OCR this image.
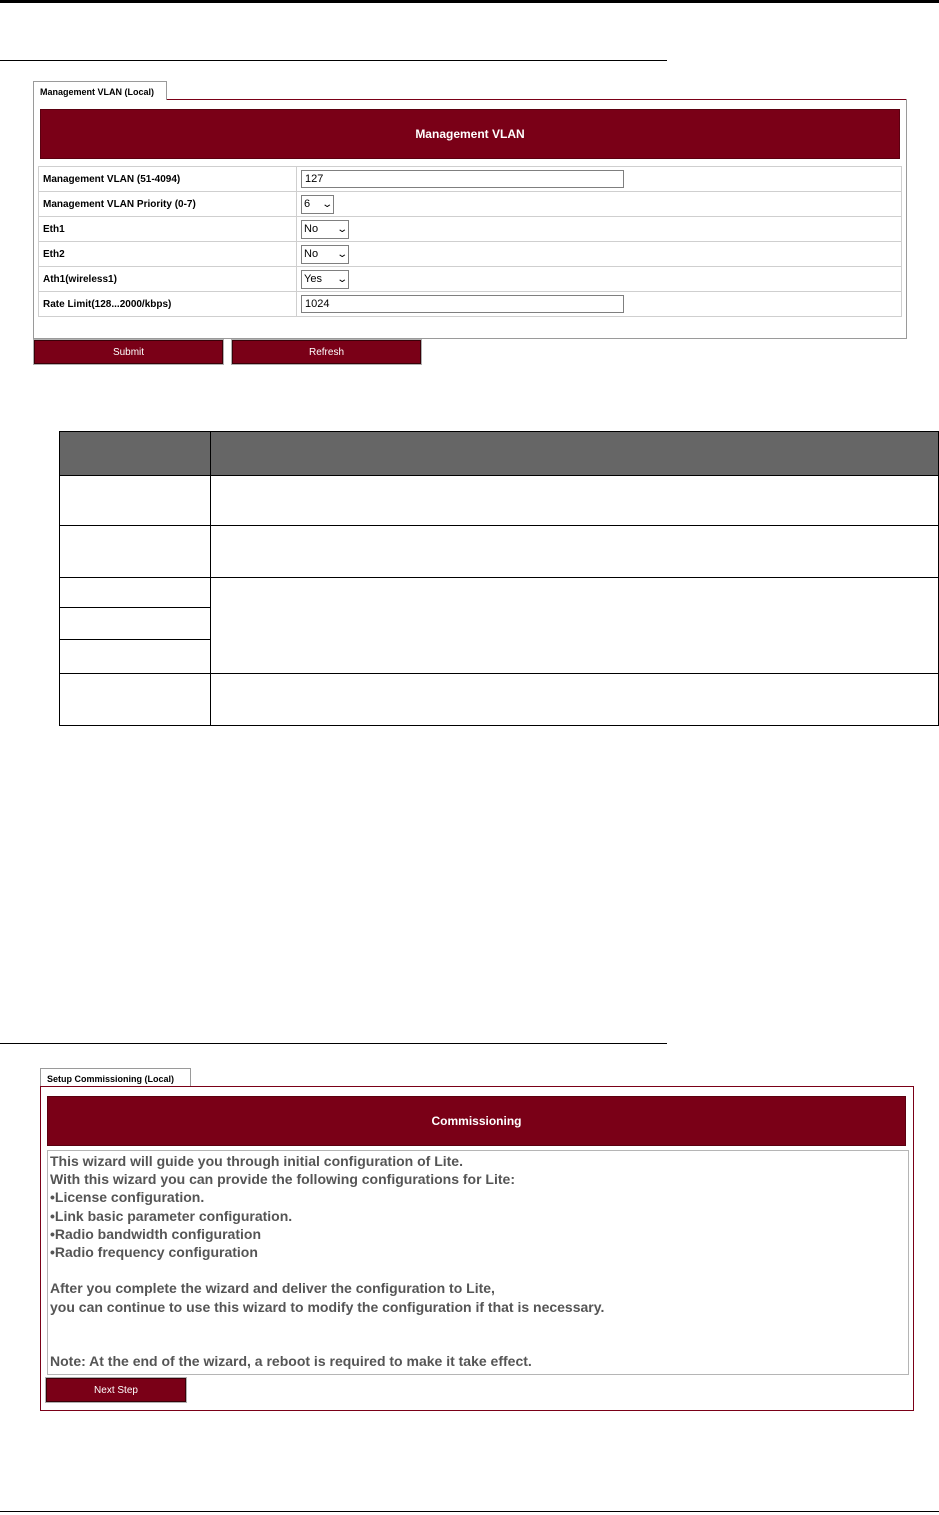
Management VLAN (Local)
Management VLAN
Management VLAN (51-4094)	127

Management VLAN Priority (0-7)	6 ⌄

Eth1	No ⌄

Eth2	No ⌄

Ath1(wireless1)	Yes ⌄

Rate Limit(128...2000/kbps)	1024
Submit	Refresh
Setup Commissioning (Local)
Commissioning
This wizard will guide you through initial configuration of Lite.
With this wizard you can provide the following configurations for Lite:
•License configuration.
•Link basic parameter configuration.
•Radio bandwidth configuration
•Radio frequency configuration
After you complete the wizard and deliver the configuration to Lite,
you can continue to use this wizard to modify the configuration if that is necessary.
Note: At the end of the wizard, a reboot is required to make it take effect.
Next Step
